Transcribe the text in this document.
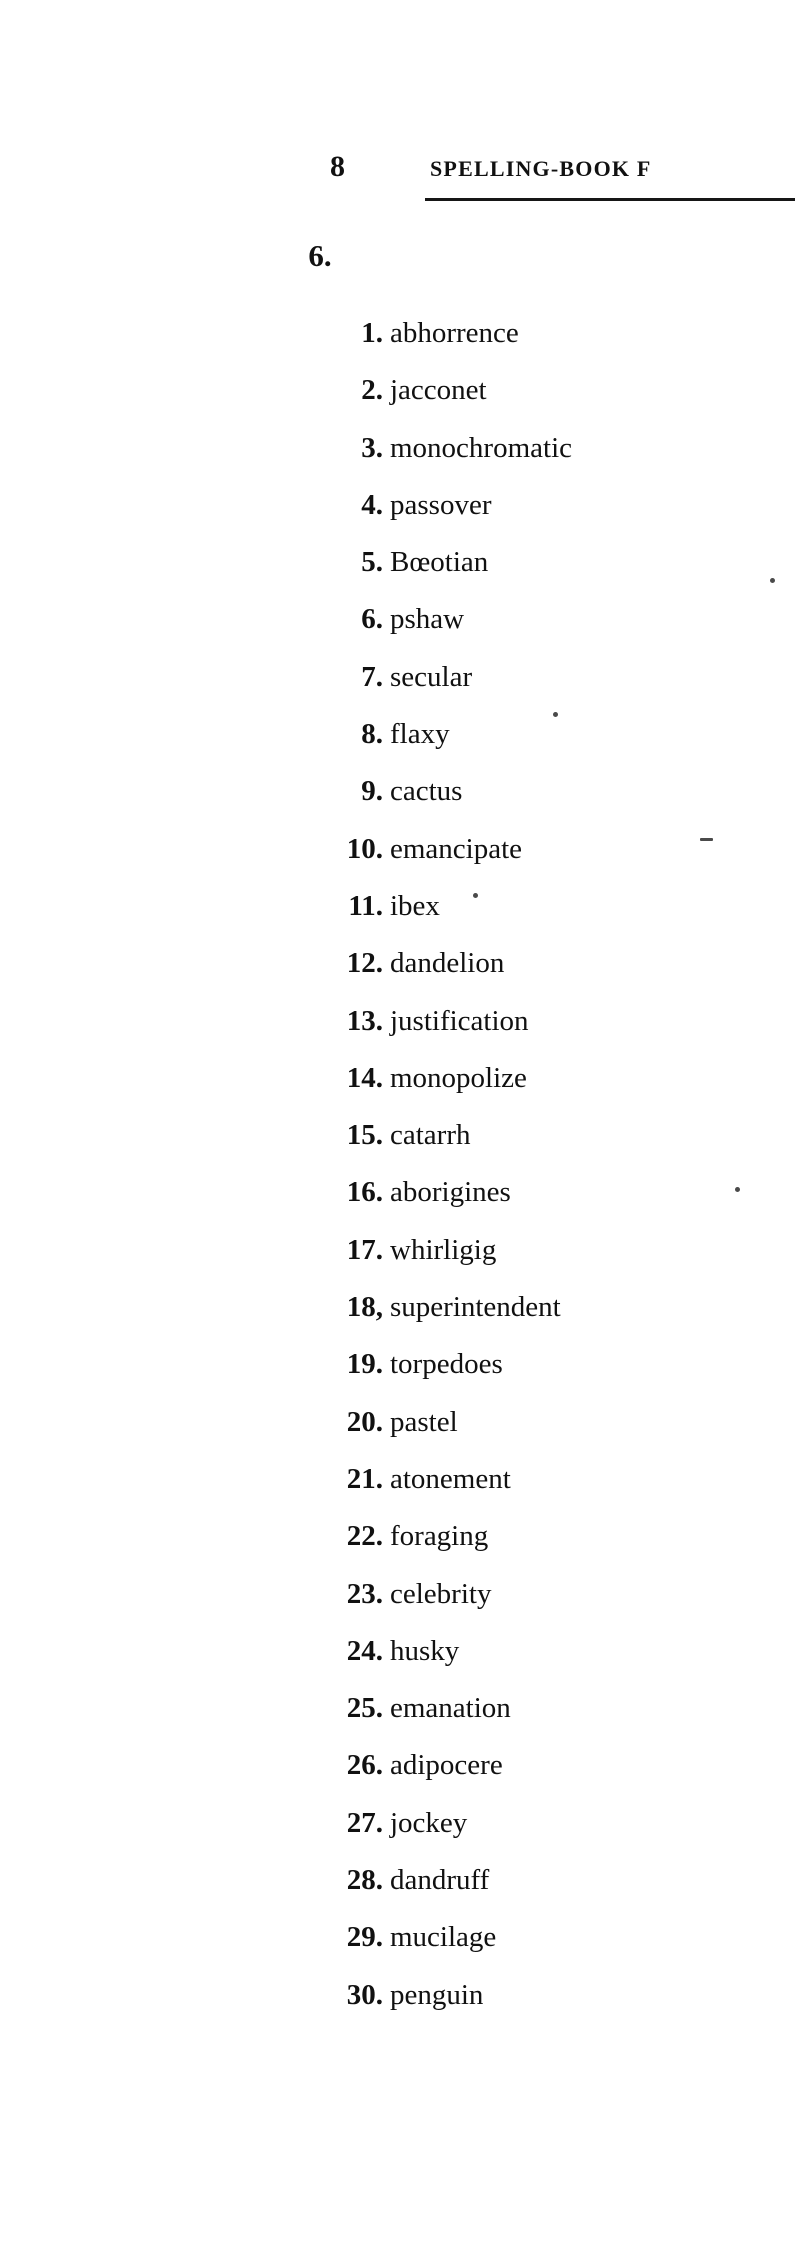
8	SPELLING-BOOK F
6.
1. abhorrence
2. jacconet
3. monochromatic
4. passover
5. Bœotian
6. pshaw
7. secular
8. flaxy
9. cactus
10. emancipate
11. ibex
12. dandelion
13. justification
14. monopolize
15. catarrh
16. aborigines
17. whirligig
18, superintendent
19. torpedoes
20. pastel
21. atonement
22. foraging
23. celebrity
24. husky
25. emanation
26. adipocere
27. jockey
28. dandruff
29. mucilage
30. penguin
